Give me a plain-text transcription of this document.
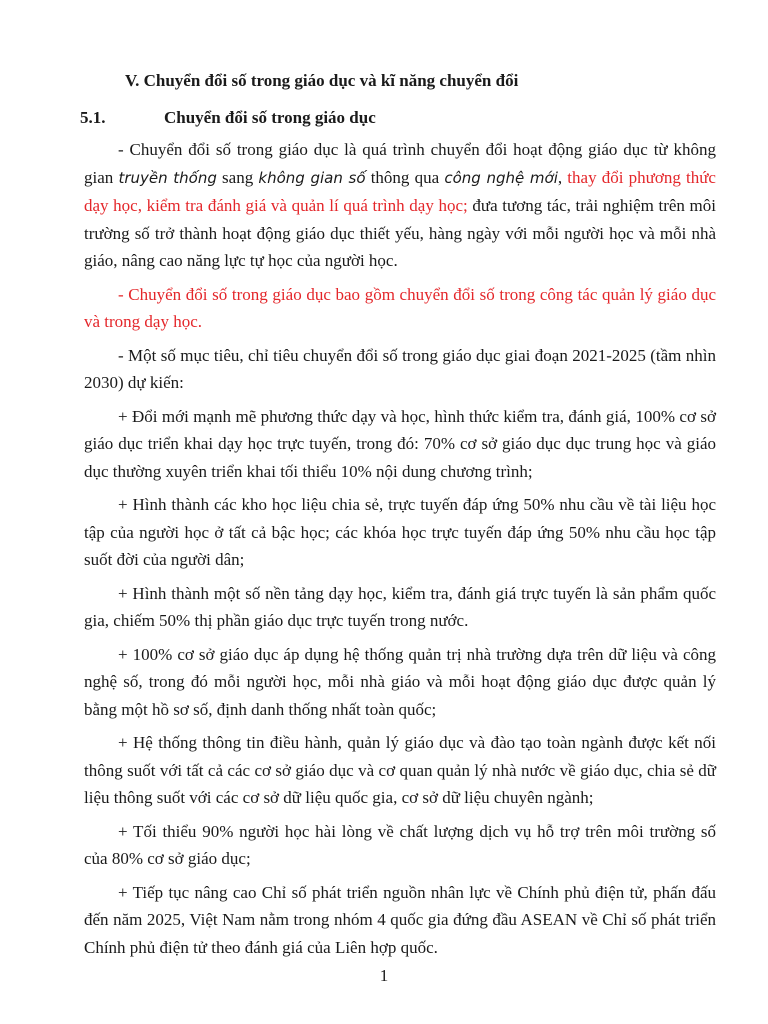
V. Chuyển đổi số trong giáo dục và kĩ năng chuyển đổi
5.1.	Chuyển đổi số trong giáo dục

- Chuyển đổi số trong giáo dục là quá trình chuyển đổi hoạt động giáo dục từ không gian truyền thống sang không gian số thông qua công nghệ mới, thay đổi phương thức dạy học, kiểm tra đánh giá và quản lí quá trình dạy học; đưa tương tác, trải nghiệm trên môi trường số trở thành hoạt động giáo dục thiết yếu, hàng ngày với mỗi người học và mỗi nhà giáo, nâng cao năng lực tự học của người học.

- Chuyển đổi số trong giáo dục bao gồm chuyển đổi số trong công tác quản lý giáo dục và trong dạy học.

- Một số mục tiêu, chỉ tiêu chuyển đổi số trong giáo dục giai đoạn 2021-2025 (tầm nhìn 2030) dự kiến:

+ Đổi mới mạnh mẽ phương thức dạy và học, hình thức kiểm tra, đánh giá, 100% cơ sở giáo dục triển khai dạy học trực tuyến, trong đó: 70% cơ sở giáo dục dục trung học và giáo dục thường xuyên triển khai tối thiểu 10% nội dung chương trình;

+ Hình thành các kho học liệu chia sẻ, trực tuyến đáp ứng 50% nhu cầu về tài liệu học tập của người học ở tất cả bậc học; các khóa học trực tuyến đáp ứng 50% nhu cầu học tập suốt đời của người dân;

+ Hình thành một số nền tảng dạy học, kiểm tra, đánh giá trực tuyến là sản phẩm quốc gia, chiếm 50% thị phần giáo dục trực tuyến trong nước.

+ 100% cơ sở giáo dục áp dụng hệ thống quản trị nhà trường dựa trên dữ liệu và công nghệ số, trong đó mỗi người học, mỗi nhà giáo và mỗi hoạt động giáo dục được quản lý bằng một hồ sơ số, định danh thống nhất toàn quốc;

+ Hệ thống thông tin điều hành, quản lý giáo dục và đào tạo toàn ngành được kết nối thông suốt với tất cả các cơ sở giáo dục và cơ quan quản lý nhà nước về giáo dục, chia sẻ dữ liệu thông suốt với các cơ sở dữ liệu quốc gia, cơ sở dữ liệu chuyên ngành;

+ Tối thiểu 90% người học hài lòng về chất lượng dịch vụ hỗ trợ trên môi trường số của 80% cơ sở giáo dục;

+ Tiếp tục nâng cao Chỉ số phát triển nguồn nhân lực về Chính phủ điện tử, phấn đấu đến năm 2025, Việt Nam nằm trong nhóm 4 quốc gia đứng đầu ASEAN về Chỉ số phát triển Chính phủ điện tử theo đánh giá của Liên hợp quốc.

1
